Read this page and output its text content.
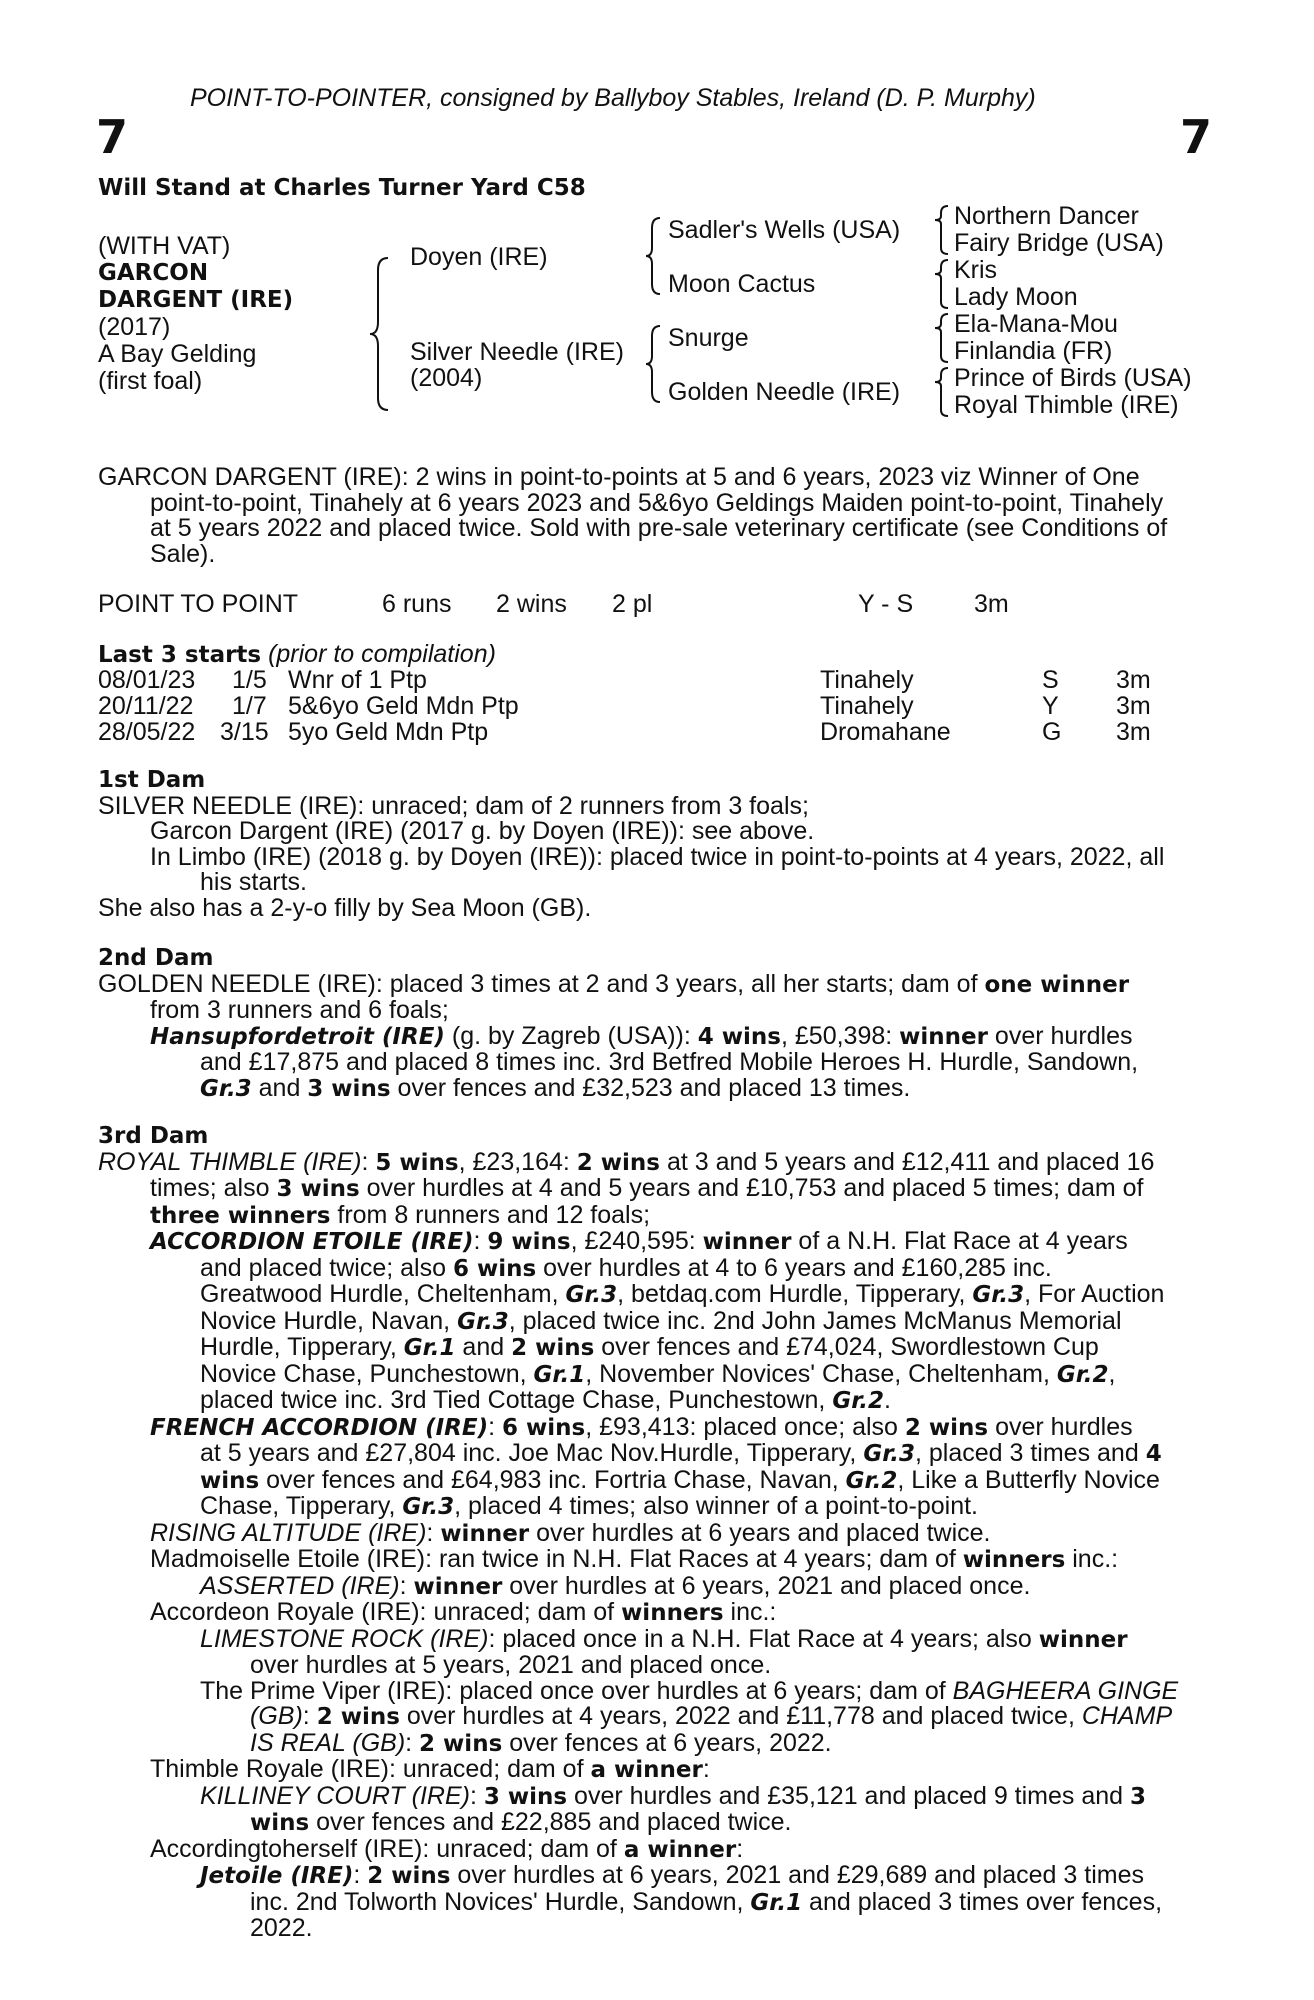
POINT-TO-POINTER, consigned by Ballyboy Stables, Ireland (D. P. Murphy)
7	7
Will Stand at Charles Turner Yard C58
(WITH VAT)
GARCON
DARGENT (IRE)
(2017)
A Bay Gelding
(first foal)
Doyen (IRE)
Silver Needle (IRE)
(2004)
Sadler's Wells (USA)
Moon Cactus
Snurge
Golden Needle (IRE)
Northern Dancer
Fairy Bridge (USA)
Kris
Lady Moon
Ela-Mana-Mou
Finlandia (FR)
Prince of Birds (USA)
Royal Thimble (IRE)
GARCON DARGENT (IRE): 2 wins in point-to-points at 5 and 6 years, 2023 viz Winner of One
point-to-point, Tinahely at 6 years 2023 and 5&6yo Geldings Maiden point-to-point, Tinahely
at 5 years 2022 and placed twice. Sold with pre-sale veterinary certificate (see Conditions of
Sale).
POINT TO POINT	6 runs 2 wins 2 pl	Y - S 3m
Last 3 starts (prior to compilation)
08/01/23 1/5 Wnr of 1 Ptp	Tinahely	S 3m
20/11/22 1/7 5&6yo Geld Mdn Ptp	Tinahely	Y 3m
28/05/22 3/15 5yo Geld Mdn Ptp	Dromahane	G 3m
1st Dam
SILVER NEEDLE (IRE): unraced; dam of 2 runners from 3 foals;
Garcon Dargent (IRE) (2017 g. by Doyen (IRE)): see above.
In Limbo (IRE) (2018 g. by Doyen (IRE)): placed twice in point-to-points at 4 years, 2022, all
his starts.
She also has a 2-y-o filly by Sea Moon (GB).
2nd Dam
GOLDEN NEEDLE (IRE): placed 3 times at 2 and 3 years, all her starts; dam of one winner
from 3 runners and 6 foals;
Hansupfordetroit (IRE) (g. by Zagreb (USA)): 4 wins, £50,398: winner over hurdles
and £17,875 and placed 8 times inc. 3rd Betfred Mobile Heroes H. Hurdle, Sandown,
Gr.3 and 3 wins over fences and £32,523 and placed 13 times.
3rd Dam
ROYAL THIMBLE (IRE): 5 wins, £23,164: 2 wins at 3 and 5 years and £12,411 and placed 16
times; also 3 wins over hurdles at 4 and 5 years and £10,753 and placed 5 times; dam of
three winners from 8 runners and 12 foals;
ACCORDION ETOILE (IRE): 9 wins, £240,595: winner of a N.H. Flat Race at 4 years
and placed twice; also 6 wins over hurdles at 4 to 6 years and £160,285 inc.
Greatwood Hurdle, Cheltenham, Gr.3, betdaq.com Hurdle, Tipperary, Gr.3, For Auction
Novice Hurdle, Navan, Gr.3, placed twice inc. 2nd John James McManus Memorial
Hurdle, Tipperary, Gr.1 and 2 wins over fences and £74,024, Swordlestown Cup
Novice Chase, Punchestown, Gr.1, November Novices' Chase, Cheltenham, Gr.2,
placed twice inc. 3rd Tied Cottage Chase, Punchestown, Gr.2.
FRENCH ACCORDION (IRE): 6 wins, £93,413: placed once; also 2 wins over hurdles
at 5 years and £27,804 inc. Joe Mac Nov.Hurdle, Tipperary, Gr.3, placed 3 times and 4
wins over fences and £64,983 inc. Fortria Chase, Navan, Gr.2, Like a Butterfly Novice
Chase, Tipperary, Gr.3, placed 4 times; also winner of a point-to-point.
RISING ALTITUDE (IRE): winner over hurdles at 6 years and placed twice.
Madmoiselle Etoile (IRE): ran twice in N.H. Flat Races at 4 years; dam of winners inc.:
ASSERTED (IRE): winner over hurdles at 6 years, 2021 and placed once.
Accordeon Royale (IRE): unraced; dam of winners inc.:
LIMESTONE ROCK (IRE): placed once in a N.H. Flat Race at 4 years; also winner
over hurdles at 5 years, 2021 and placed once.
The Prime Viper (IRE): placed once over hurdles at 6 years; dam of BAGHEERA GINGE
(GB): 2 wins over hurdles at 4 years, 2022 and £11,778 and placed twice, CHAMP
IS REAL (GB): 2 wins over fences at 6 years, 2022.
Thimble Royale (IRE): unraced; dam of a winner:
KILLINEY COURT (IRE): 3 wins over hurdles and £35,121 and placed 9 times and 3
wins over fences and £22,885 and placed twice.
Accordingtoherself (IRE): unraced; dam of a winner:
Jetoile (IRE): 2 wins over hurdles at 6 years, 2021 and £29,689 and placed 3 times
inc. 2nd Tolworth Novices' Hurdle, Sandown, Gr.1 and placed 3 times over fences,
2022.
